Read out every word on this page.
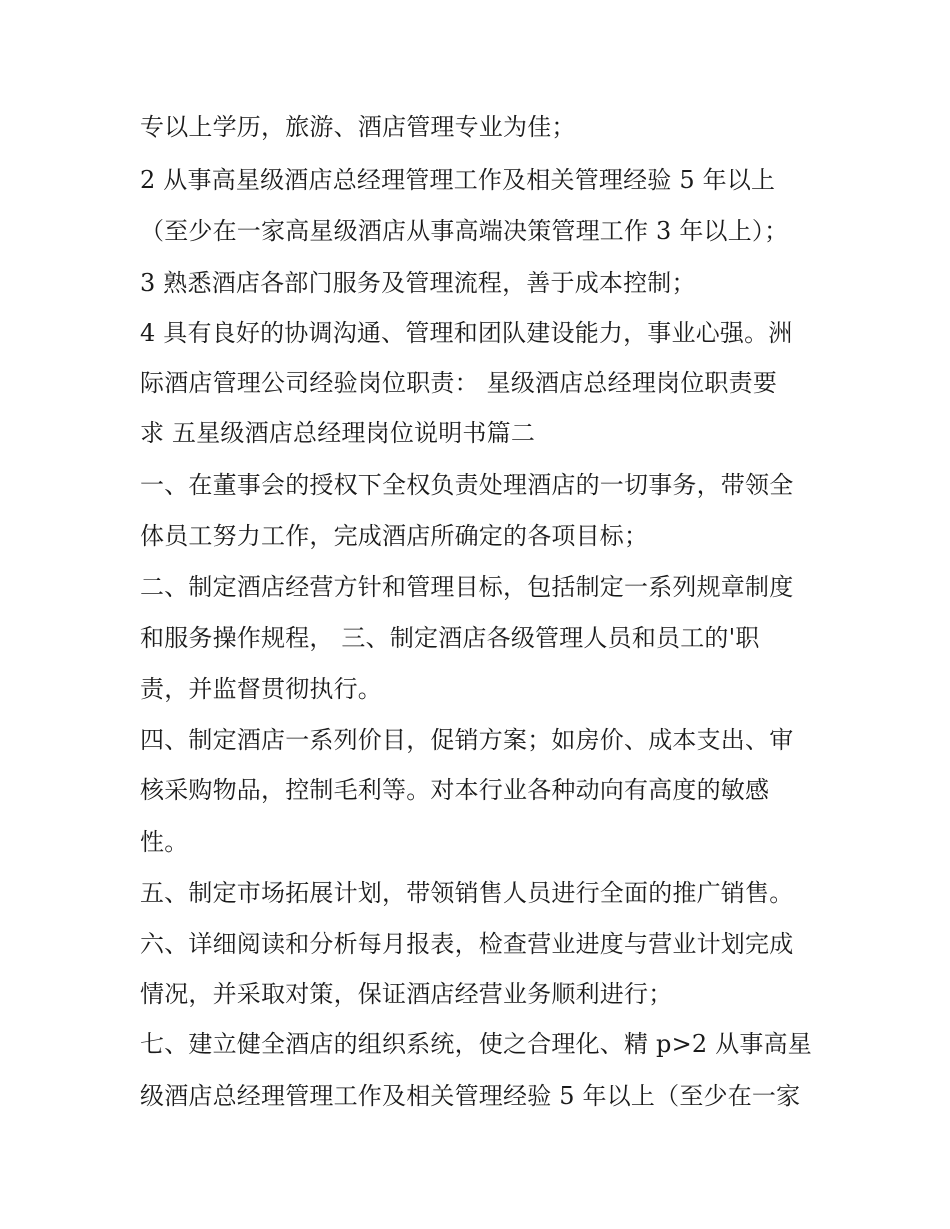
专以上学历，旅游、酒店管理专业为佳；
2 从事高星级酒店总经理管理工作及相关管理经验 5 年以上
（至少在一家高星级酒店从事高端决策管理工作 3 年以上）；
3 熟悉酒店各部门服务及管理流程，善于成本控制；
4 具有良好的协调沟通、管理和团队建设能力，事业心强。洲
际酒店管理公司经验岗位职责： 星级酒店总经理岗位职责要
求 五星级酒店总经理岗位说明书篇二
一、在董事会的授权下全权负责处理酒店的一切事务，带领全
体员工努力工作，完成酒店所确定的各项目标；
二、制定酒店经营方针和管理目标，包括制定一系列规章制度
和服务操作规程， 三、制定酒店各级管理人员和员工的'职
责，并监督贯彻执行。
四、制定酒店一系列价目，促销方案；如房价、成本支出、审
核采购物品，控制毛利等。对本行业各种动向有高度的敏感
性。
五、制定市场拓展计划，带领销售人员进行全面的推广销售。
六、详细阅读和分析每月报表，检查营业进度与营业计划完成
情况，并采取对策，保证酒店经营业务顺利进行；
七、建立健全酒店的组织系统，使之合理化、精 p>2 从事高星
级酒店总经理管理工作及相关管理经验 5 年以上（至少在一家
